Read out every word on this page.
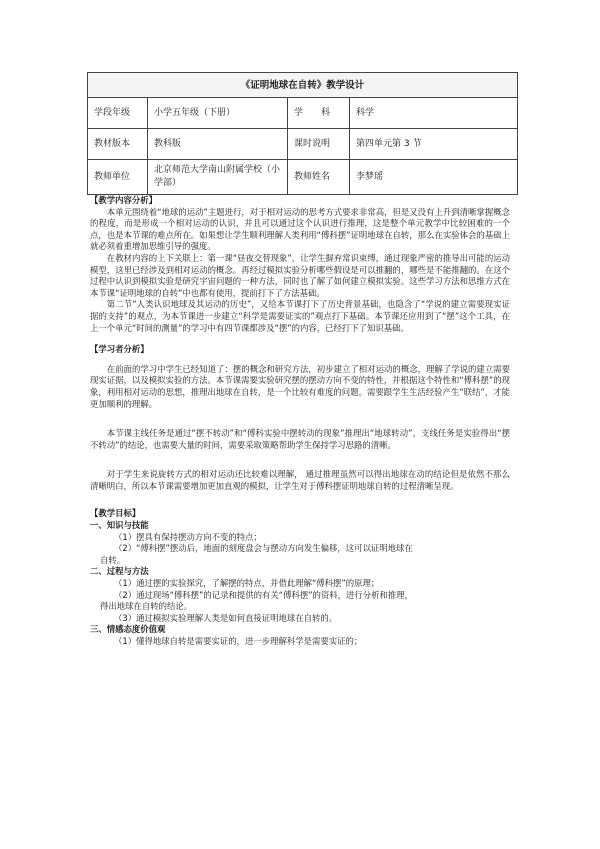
《证明地球在自转》教学设计			
学段年级	小学五年级（下册）	学　　科	科学
教材版本	教科版	课时说明	第四单元第 3 节
教师单位	北京师范大学南山附属学校（小学部）	教师姓名	李梦瑶

【教学内容分析】

本单元围绕着“地球的运动”主题进行，对于相对运动的思考方式要求非常高，但是又没有上升到清晰掌握概念的程度，而是形成一个相对运动的认识，并且可以通过这个认识进行推理，这是整个单元教学中比较困难的一个点，也是本节课的难点所在。如果想让学生顺利理解人类利用“傅科摆”证明地球在自转，那么在实验体会的基础上就必须着重增加思维引导的强度。

在教材内容的上下关联上：第一课“昼夜交替现象”，让学生摒弃常识束缚，通过现象严密的推导出可能的运动模型，这里已经涉及到相对运动的概念。再经过模拟实验分析哪些假设是可以推翻的，哪些是不能推翻的。在这个过程中认识到模拟实验是研究宇宙问题的一种方法，同时也了解了如何建立模拟实验。这些学习方法和思维方式在本节课“证明地球的自转”中也都有使用，提前打下了方法基础。

第二节“人类认识地球及其运动的历史”，又给本节课打下了历史背景基础，也隐含了“学说的建立需要现实证据的支持”的观点，为本节课进一步建立“科学是需要证实的”观点打下基础。本节课还应用到了“摆”这个工具，在上一个单元“时间的测量”的学习中有四节课都涉及“摆”的内容，已经打下了知识基础。

【学习者分析】

在前面的学习中学生已经知道了：摆的概念和研究方法，初步建立了相对运动的概念，理解了学说的建立需要现实证据，以及模拟实验的方法。本节课需要实验研究摆的摆动方向不变的特性，并根据这个特性和“傅科摆”的现象，利用相对运动的思想，推理出地球在自转，是一个比较有难度的问题。需要跟学生生活经验产生“联结”，才能更加顺利的理解。

本节课主线任务是通过“摆不转动”和“傅科实验中摆转动的现象”推理出“地球转动”，支线任务是实验得出“摆不转动”的结论，也需要大量的时间，需要采取策略帮助学生保持学习思路的清晰。

对于学生来说旋转方式的相对运动还比较难以理解， 通过推理虽然可以得出地球在动的结论但是依然不那么清晰明白，所以本节课需要增加更加直观的模拟，让学生对于傅科摆证明地球自转的过程清晰呈现。

【教学目标】

一、知识与技能

（1）摆具有保持摆动方向不变的特点；

（2）“傅科摆”摆动后，地面的刻度盘会与摆动方向发生偏移，这可以证明地球在

自转。

二、过程与方法

（1）通过摆的实验探究，了解摆的特点，并借此理解“傅科摆”的原理；

（2）通过现场“傅科摆”的记录和提供的有关“傅科摆”的资料，进行分析和推理，

得出地球在自转的结论。

（3）通过模拟实验理解人类是如何直接证明地球在自转的。

三、情感态度价值观

（1）懂得地球自转是需要实证的，进一步理解科学是需要实证的；
